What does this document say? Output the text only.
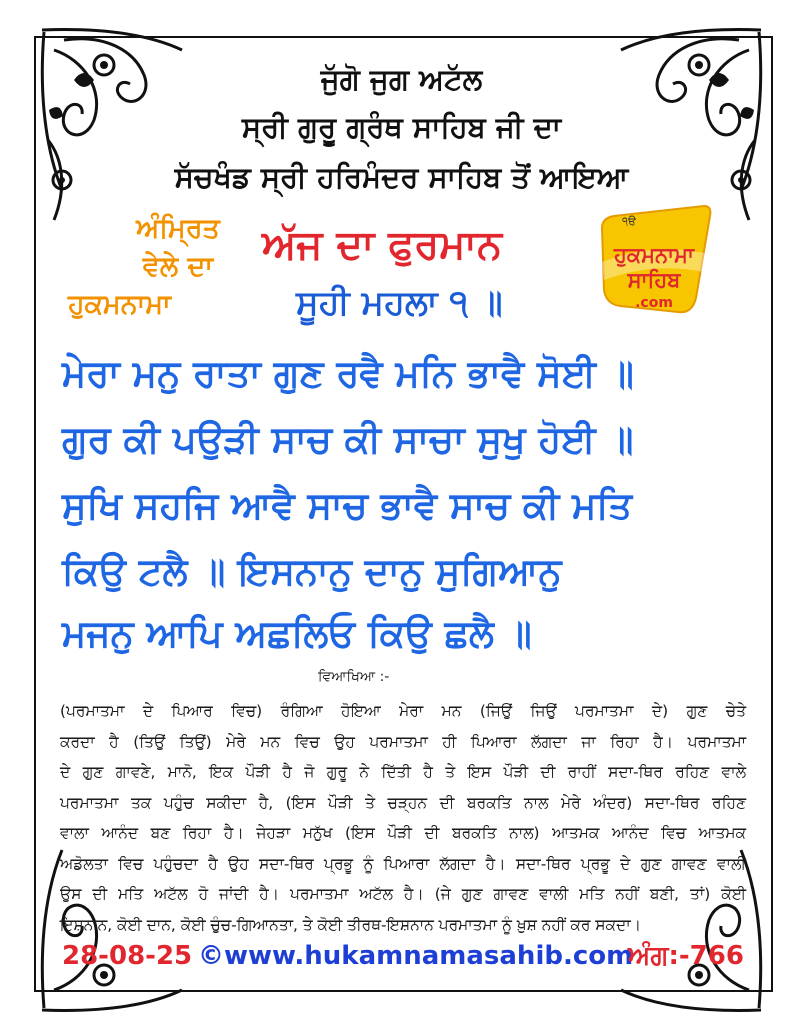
ਜੁੱਗੋ ਜੁਗ ਅਟੱਲ
ਸ੍ਰੀ ਗੁਰੂ ਗ੍ਰੰਥ ਸਾਹਿਬ ਜੀ ਦਾ
ਸੱਚਖੰਡ ਸ੍ਰੀ ਹਰਿਮੰਦਰ ਸਾਹਿਬ ਤੋਂ ਆਇਆ
ਅੰਮ੍ਰਿਤ
ਵੇਲੇ ਦਾ
ਹੁਕਮਨਾਮਾ
ਅੱਜ ਦਾ ਫੁਰਮਾਨ
ਸੂਹੀ ਮਹਲਾ ੧ ॥
੧ੳ
ਹੁਕਮਨਾਮਾ
ਸਾਹਿਬ
.com
ਮੇਰਾ ਮਨੁ ਰਾਤਾ ਗੁਣ ਰਵੈ ਮਨਿ ਭਾਵੈ ਸੋਈ ॥
ਗੁਰ ਕੀ ਪਉੜੀ ਸਾਚ ਕੀ ਸਾਚਾ ਸੁਖੁ ਹੋਈ ॥
ਸੁਖਿ ਸਹਜਿ ਆਵੈ ਸਾਚ ਭਾਵੈ ਸਾਚ ਕੀ ਮਤਿ
ਕਿਉ ਟਲੈ ॥ ਇਸਨਾਨੁ ਦਾਨੁ ਸੁਗਿਆਨੁ
ਮਜਨੁ ਆਪਿ ਅਛਲਿਓ ਕਿਉ ਛਲੈ ॥
ਵਿਆਖਿਆ :-
(ਪਰਮਾਤਮਾ ਦੇ ਪਿਆਰ ਵਿਚ) ਰੰਗਿਆ ਹੋਇਆ ਮੇਰਾ ਮਨ (ਜਿਉਂ ਜਿਉਂ ਪਰਮਾਤਮਾ ਦੇ) ਗੁਣ ਚੇਤੇ
ਕਰਦਾ ਹੈ (ਤਿਉਂ ਤਿਉਂ) ਮੇਰੇ ਮਨ ਵਿਚ ਉਹ ਪਰਮਾਤਮਾ ਹੀ ਪਿਆਰਾ ਲੱਗਦਾ ਜਾ ਰਿਹਾ ਹੈ। ਪਰਮਾਤਮਾ
ਦੇ ਗੁਣ ਗਾਵਣੇ, ਮਾਨੋ, ਇਕ ਪੌੜੀ ਹੈ ਜੋ ਗੁਰੂ ਨੇ ਦਿੱਤੀ ਹੈ ਤੇ ਇਸ ਪੌੜੀ ਦੀ ਰਾਹੀਂ ਸਦਾ-ਥਿਰ ਰਹਿਣ ਵਾਲੇ
ਪਰਮਾਤਮਾ ਤਕ ਪਹੁੰਚ ਸਕੀਦਾ ਹੈ, (ਇਸ ਪੌੜੀ ਤੇ ਚੜ੍ਹਨ ਦੀ ਬਰਕਤਿ ਨਾਲ ਮੇਰੇ ਅੰਦਰ) ਸਦਾ-ਥਿਰ ਰਹਿਣ
ਵਾਲਾ ਆਨੰਦ ਬਣ ਰਿਹਾ ਹੈ। ਜੇਹੜਾ ਮਨੁੱਖ (ਇਸ ਪੌੜੀ ਦੀ ਬਰਕਤਿ ਨਾਲ) ਆਤਮਕ ਆਨੰਦ ਵਿਚ ਆਤਮਕ
ਅਡੋਲਤਾ ਵਿਚ ਪਹੁੰਚਦਾ ਹੈ ਉਹ ਸਦਾ-ਥਿਰ ਪ੍ਰਭੂ ਨੂੰ ਪਿਆਰਾ ਲੱਗਦਾ ਹੈ। ਸਦਾ-ਥਿਰ ਪ੍ਰਭੂ ਦੇ ਗੁਣ ਗਾਵਣ ਵਾਲੀ
ਉਸ ਦੀ ਮਤਿ ਅਟੱਲ ਹੋ ਜਾਂਦੀ ਹੈ। ਪਰਮਾਤਮਾ ਅਟੱਲ ਹੈ। (ਜੇ ਗੁਣ ਗਾਵਣ ਵਾਲੀ ਮਤਿ ਨਹੀਂ ਬਣੀ, ਤਾਂ) ਕੋਈ
ਇਸ਼ਨਾਨ, ਕੋਈ ਦਾਨ, ਕੋਈ ਚੁੰਚ-ਗਿਆਨਤਾ, ਤੇ ਕੋਈ ਤੀਰਥ-ਇਸ਼ਨਾਨ ਪਰਮਾਤਮਾ ਨੂੰ ਖ਼ੁਸ਼ ਨਹੀਂ ਕਰ ਸਕਦਾ।
28-08-25 ©www.hukamnamasahib.com
ਅੰਗ:-766
